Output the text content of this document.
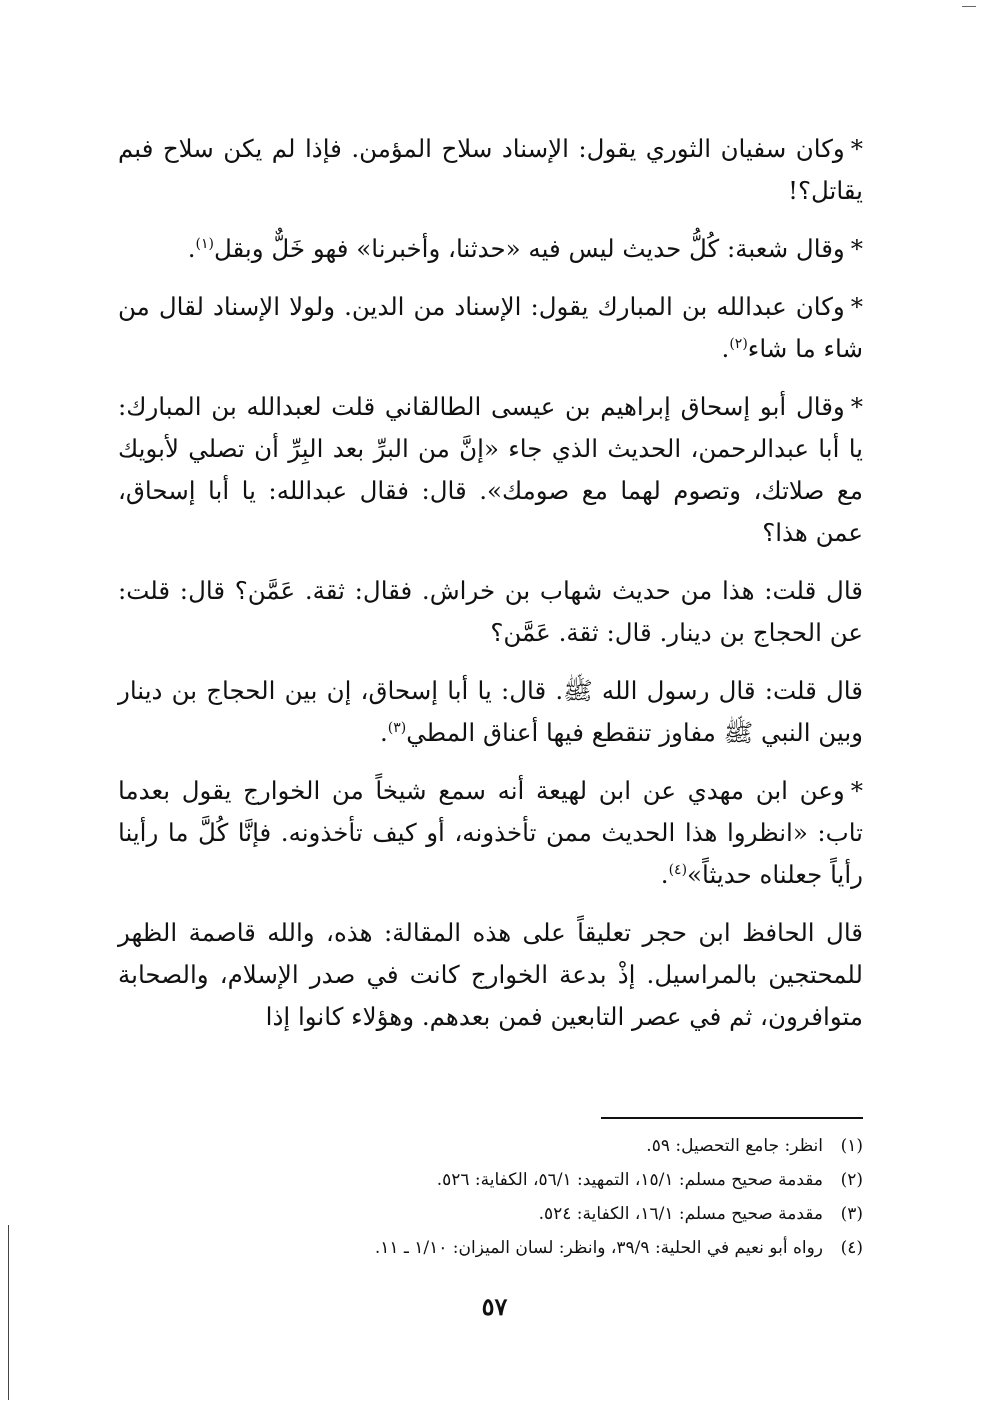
*وكان سفيان الثوري يقول: الإسناد سلاح المؤمن. فإذا لم يكن سلاح فبم يقاتل؟!

*وقال شعبة: كُلُّ حديث ليس فيه «حدثنا، وأخبرنا» فهو خَلٌّ وبقل$^{(١)}$.

*وكان عبدالله بن المبارك يقول: الإسناد من الدين. ولولا الإسناد لقال من شاء ما شاء$^{(٢)}$.

*وقال أبو إسحاق إبراهيم بن عيسى الطالقاني قلت لعبدالله بن المبارك: يا أبا عبدالرحمن، الحديث الذي جاء «إنَّ من البرِّ بعد البِرِّ أن تصلي لأبويك مع صلاتك، وتصوم لهما مع صومك». قال: فقال عبدالله: يا أبا إسحاق، عمن هذا؟

قال قلت: هذا من حديث شهاب بن خراش. فقال: ثقة. عَمَّن؟ قال: قلت: عن الحجاج بن دينار. قال: ثقة. عَمَّن؟

قال قلت: قال رسول الله ﷺ. قال: يا أبا إسحاق، إن بين الحجاج بن دينار وبين النبي ﷺ مفاوز تنقطع فيها أعناق المطي$^{(٣)}$.

*وعن ابن مهدي عن ابن لهيعة أنه سمع شيخاً من الخوارج يقول بعدما تاب: «انظروا هذا الحديث ممن تأخذونه، أو كيف تأخذونه. فإنَّا كُلَّ ما رأينا رأياً جعلناه حديثاً»$^{(٤)}$.

قال الحافظ ابن حجر تعليقاً على هذه المقالة: هذه، والله قاصمة الظهر للمحتجين بالمراسيل. إذْ بدعة الخوارج كانت في صدر الإسلام، والصحابة متوافرون، ثم في عصر التابعين فمن بعدهم. وهؤلاء كانوا إذا

(١)انظر: جامع التحصيل: ٥٩.

(٢)مقدمة صحيح مسلم: ١٥/١، التمهيد: ٥٦/١، الكفاية: ٥٢٦.

(٣)مقدمة صحيح مسلم: ١٦/١، الكفاية: ٥٢٤.

(٤)رواه أبو نعيم في الحلية: ٣٩/٩، وانظر: لسان الميزان: ١/١٠ ـ ١١.

٥٧
